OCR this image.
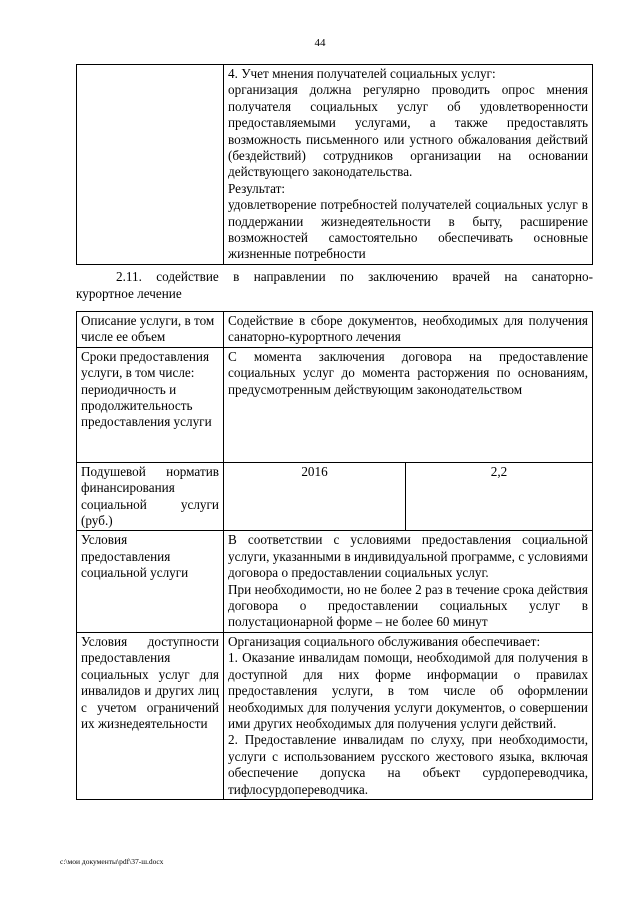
44

4. Учет мнения получателей социальных услуг:
организация должна регулярно проводить опрос мнения получателя социальных услуг об удовлетворенности предоставляемыми услугами, а также предоставлять возможность письменного или устного обжалования действий (бездействий) сотрудников организации на основании действующего законодательства.
Результат:
удовлетворение потребностей получателей социальных услуг в поддержании жизнедеятельности в быту, расширение возможностей самостоятельно обеспечивать основные жизненные потребности
2.11. содействие в направлении по заключению врачей на санаторно-
курортное лечение
Описание услуги, в том числе ее объем	Содействие в сборе документов, необходимых для получения санаторно-курортного лечения	
Сроки предоставления услуги, в том числе: периодичность и продолжительность предоставления услуги	С момента заключения договора на предоставление социальных услуг до момента расторжения по основаниям, предусмотренным действующим законодательством	
Подушевой норматив финансирования социальной услуги (руб.)	2016	2,2
Условия предоставления социальной услуги	В соответствии с условиями предоставления социальной услуги, указанными в индивидуальной программе, с условиями договора о предоставлении социальных услуг.
При необходимости, но не более 2 раз в течение срока действия договора о предоставлении социальных услуг в полустационарной форме – не более 60 минут	

Условия доступности предоставления социальных услуг для инвалидов и других лиц с учетом ограничений их жизнедеятельности	Организация социального обслуживания обеспечивает:
1. Оказание инвалидам помощи, необходимой для получения в доступной для них форме информации о правилах предоставления услуги, в том числе об оформлении необходимых для получения услуги документов, о совершении ими других необходимых для получения услуги действий.
2. Предоставление инвалидам по слуху, при необходимости, услуги с использованием русского жестового языка, включая обеспечение допуска на объект сурдопереводчика, тифлосурдопереводчика.	
c:\мои документы\pdf\37-ш.docx
